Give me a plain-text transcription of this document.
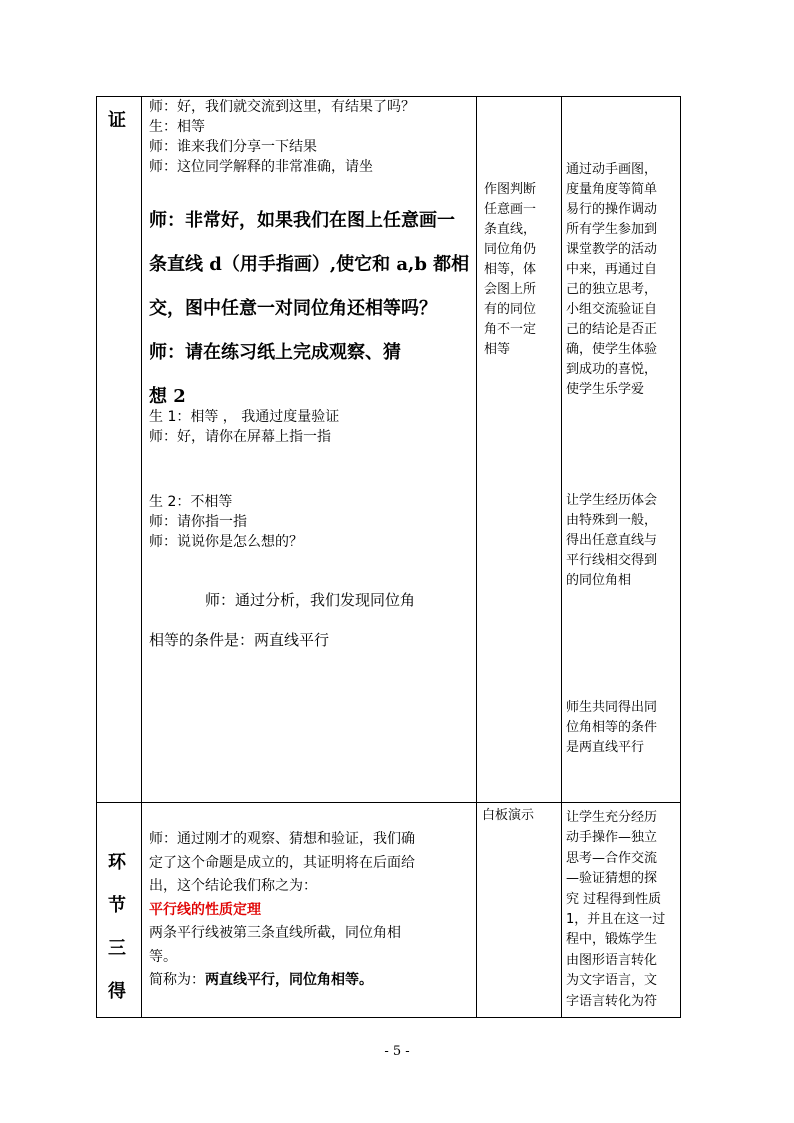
证
师：好，我们就交流到这里，有结果了吗？
生：相等
师：谁来我们分享一下结果
师：这位同学解释的非常准确，请坐
师：非常好，如果我们在图上任意画一
条直线 d（用手指画）,使它和 a,b 都相
交，图中任意一对同位角还相等吗？
师：请在练习纸上完成观察、猜
想 2
生 1：相等 ， 我通过度量验证
师：好，请你在屏幕上指一指
生 2：不相等
师：请你指一指
师：说说你是怎么想的？
师：通过分析，我们发现同位角
相等的条件是：两直线平行
作图判断
任意画一
条直线，
同位角仍
相等，体
会图上所
有的同位
角不一定
相等
通过动手画图，
度量角度等简单
易行的操作调动
所有学生参加到
课堂教学的活动
中来，再通过自
己的独立思考，
小组交流验证自
己的结论是否正
确，使学生体验
到成功的喜悦，
使学生乐学爱
让学生经历体会
由特殊到一般，
得出任意直线与
平行线相交得到
的同位角相
师生共同得出同
位角相等的条件
是两直线平行
环
节
三
得
师：通过刚才的观察、猜想和验证，我们确
定了这个命题是成立的，其证明将在后面给
出，这个结论我们称之为：
平行线的性质定理
两条平行线被第三条直线所截，同位角相
等。
简称为：两直线平行，同位角相等。
白板演示 让学生充分经历
动手操作—独立
思考—合作交流
—验证猜想的探
究 过程得到性质
1，并且在这一过
程中，锻炼学生
由图形语言转化
为文字语言，文
字语言转化为符
- 5 -
